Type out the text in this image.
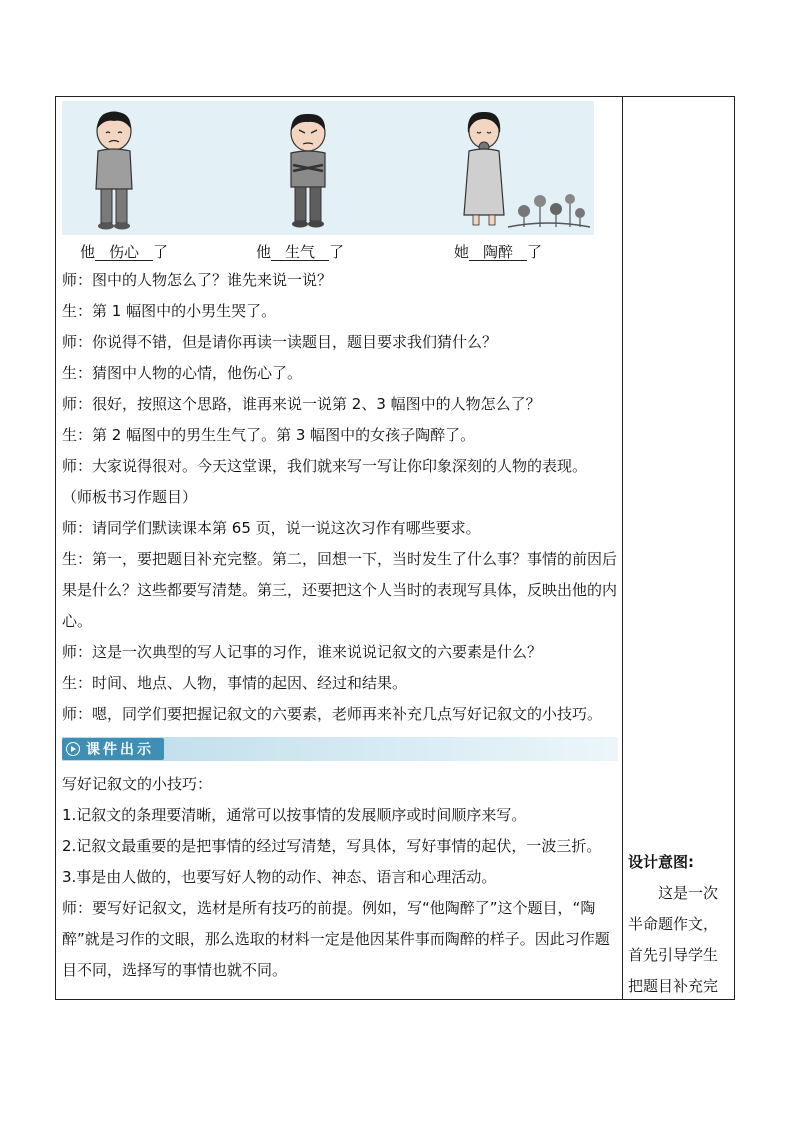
他 伤心 了	他 生气 了	她 陶醉 了
师：图中的人物怎么了？谁先来说一说？
生：第 1 幅图中的小男生哭了。
师：你说得不错，但是请你再读一读题目，题目要求我们猜什么？
生：猜图中人物的心情，他伤心了。
师：很好，按照这个思路，谁再来说一说第 2、3 幅图中的人物怎么了？
生：第 2 幅图中的男生生气了。第 3 幅图中的女孩子陶醉了。
师：大家说得很对。今天这堂课，我们就来写一写让你印象深刻的人物的表现。
（师板书习作题目）
师：请同学们默读课本第 65 页，说一说这次习作有哪些要求。
生：第一，要把题目补充完整。第二，回想一下，当时发生了什么事？事情的前因后果是什么？这些都要写清楚。第三，还要把这个人当时的表现写具体，反映出他的内心。
师：这是一次典型的写人记事的习作，谁来说说记叙文的六要素是什么？
生：时间、地点、人物，事情的起因、经过和结果。
师：嗯，同学们要把握记叙文的六要素，老师再来补充几点写好记叙文的小技巧。
课件出示
写好记叙文的小技巧：
1.记叙文的条理要清晰，通常可以按事情的发展顺序或时间顺序来写。
2.记叙文最重要的是把事情的经过写清楚，写具体，写好事情的起伏，一波三折。
3.事是由人做的，也要写好人物的动作、神态、语言和心理活动。
师：要写好记叙文，选材是所有技巧的前提。例如，写“他陶醉了”这个题目，“陶醉”就是习作的文眼，那么选取的材料一定是他因某件事而陶醉的样子。因此习作题目不同，选择写的事情也就不同。
设计意图:
　　这是一次
半命题作文，
首先引导学生
把题目补充完
